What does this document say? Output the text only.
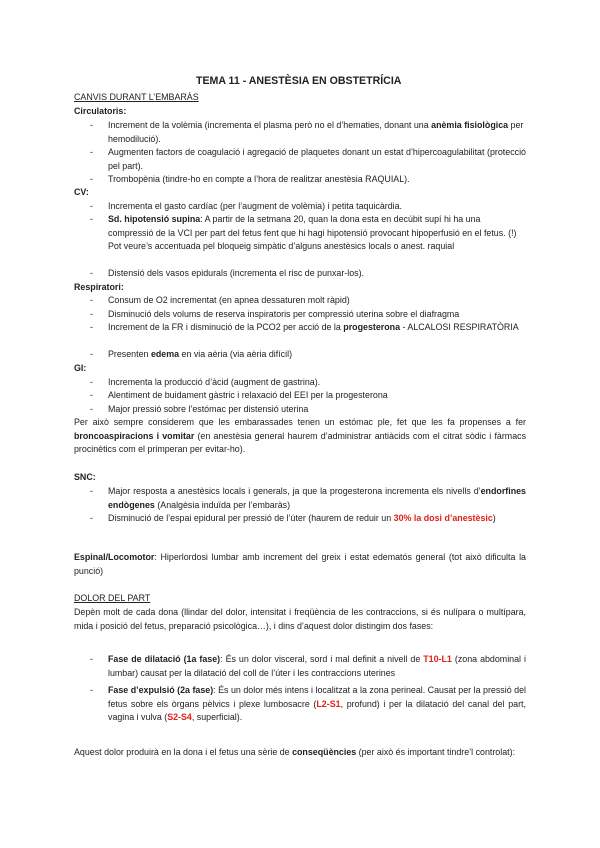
TEMA 11 - ANESTÈSIA EN OBSTETRÍCIA
CANVIS DURANT L’EMBARÀS
Circulatoris:
- Increment de la volèmia (incrementa el plasma però no el d’hematies, donant una anèmia fisiològica per hemodilució).
- Augmenten factors de coagulació i agregació de plaquetes donant un estat d’hipercoagulabilitat (protecció pel part).
- Trombopènia (tindre-ho en compte a l’hora de realitzar anestèsia RAQUIAL).
CV:
- Incrementa el gasto cardíac (per l’augment de volèmia) i petita taquicàrdia.
- Sd. hipotensió supina: A partir de la setmana 20, quan la dona esta en decúbit supí hi ha una compressió de la VCI per part del fetus fent que hi hagi hipotensió provocant hipoperfusió en el fetus. (!) Pot veure’s accentuada pel bloqueig simpàtic d’alguns anestèsics locals o anest. raquial
- Distensió dels vasos epidurals (incrementa el risc de punxar-los).
Respiratori:
- Consum de O2 incrementat (en apnea dessaturen molt ràpid)
- Disminució dels volums de reserva inspiratoris per compressió uterina sobre el diafragma
- Increment de la FR i disminució de la PCO2 per acció de la progesterona - ALCALOSI RESPIRATÒRIA
- Presenten edema en via aèria (via aèria difícil)
GI:
- Incrementa la producció d’àcid (augment de gastrina).
- Alentiment de buidament gàstric i relaxació del EEI per la progesterona
- Major pressió sobre l’estómac per distensió uterina
Per això sempre considerem que les embarassades tenen un estómac ple, fet que les fa propenses a fer broncoaspiracions i vomitar (en anestèsia general haurem d’administrar antiàcids com el citrat sòdic i fàrmacs procinètics com el primperan per evitar-ho).
SNC:
- Major resposta a anestèsics locals i generals, ja que la progesterona incrementa els nivells d’endorfines endògenes (Analgèsia induïda per l’embaràs)
- Disminució de l’espai epidural per pressió de l’úter (haurem de reduir un 30% la dosi d’anestèsic)
Espinal/Locomotor: Hiperlordosi lumbar amb increment del greix i estat edematós general (tot això dificulta la punció)
DOLOR DEL PART
Depèn molt de cada dona (llindar del dolor, intensitat i freqüència de les contraccions, si és nulípara o multípara, mida i posició del fetus, preparació psicològica…), i dins d’aquest dolor distingim dos fases:
- Fase de dilatació (1a fase): És un dolor visceral, sord i mal definit a nivell de T10-L1 (zona abdominal i lumbar) causat per la dilatació del coll de l’úter i les contraccions uterines
- Fase d’expulsió (2a fase): És un dolor més intens i localitzat a la zona perineal. Causat per la pressió del fetus sobre els òrgans pèlvics i plexe lumbosacre (L2-S1, profund) i per la dilatació del canal del part, vagina i vulva (S2-S4, superficial).
Aquest dolor produirà en la dona i el fetus una sèrie de conseqüències (per això és important tindre’l controlat):
